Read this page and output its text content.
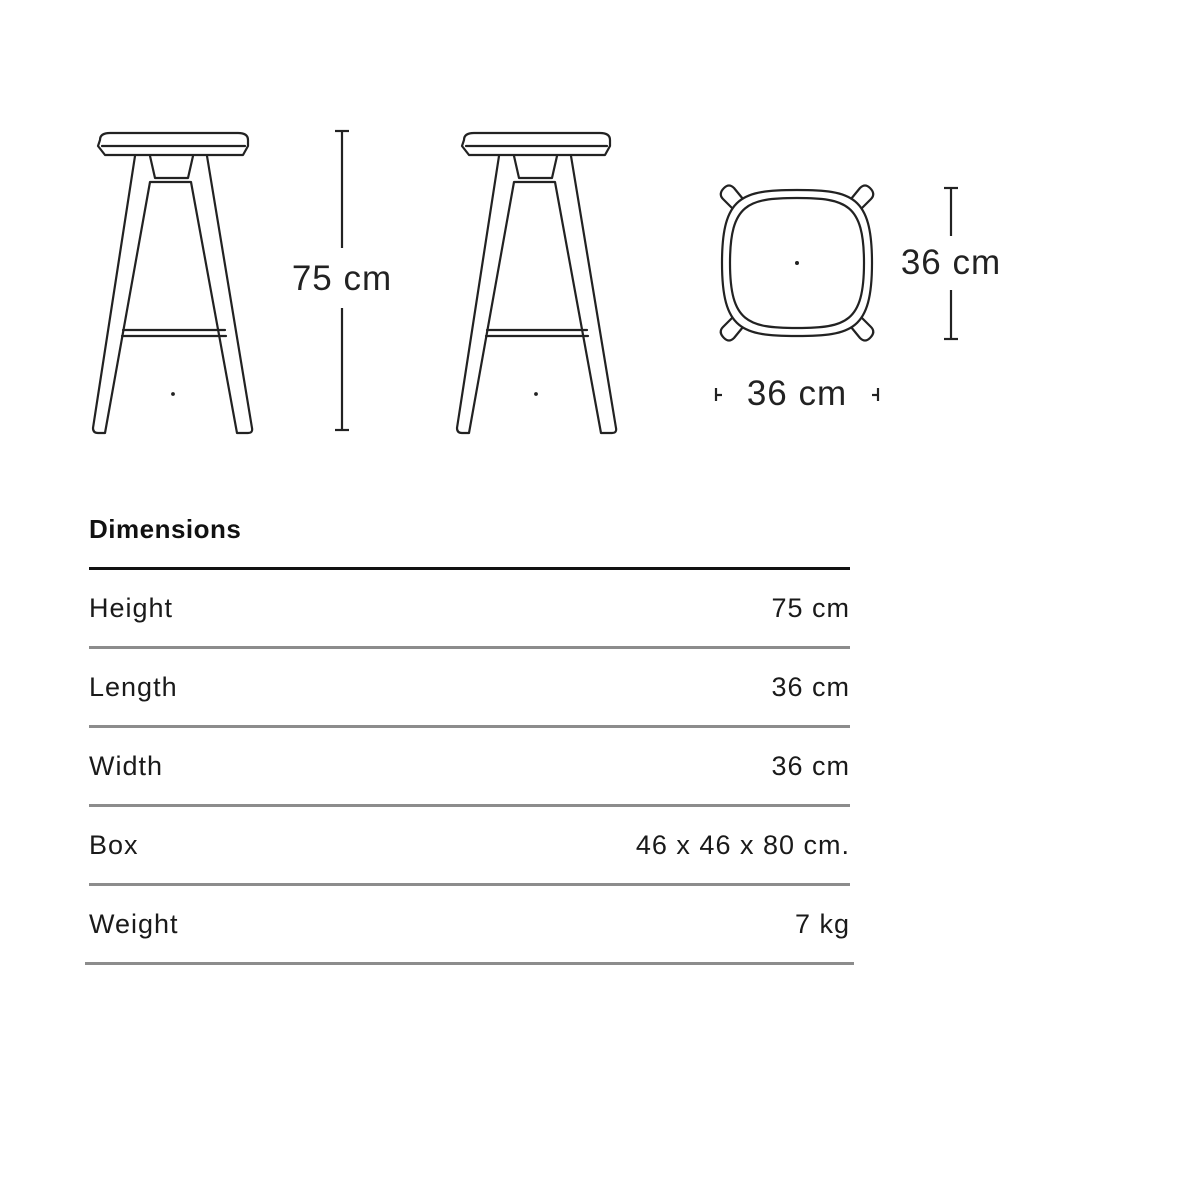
75 cm	36 cm
36 cm
Dimensions
Height	75 cm
Length	36 cm
Width	36 cm
Box	46 x 46 x 80 cm.
Weight	7 kg
